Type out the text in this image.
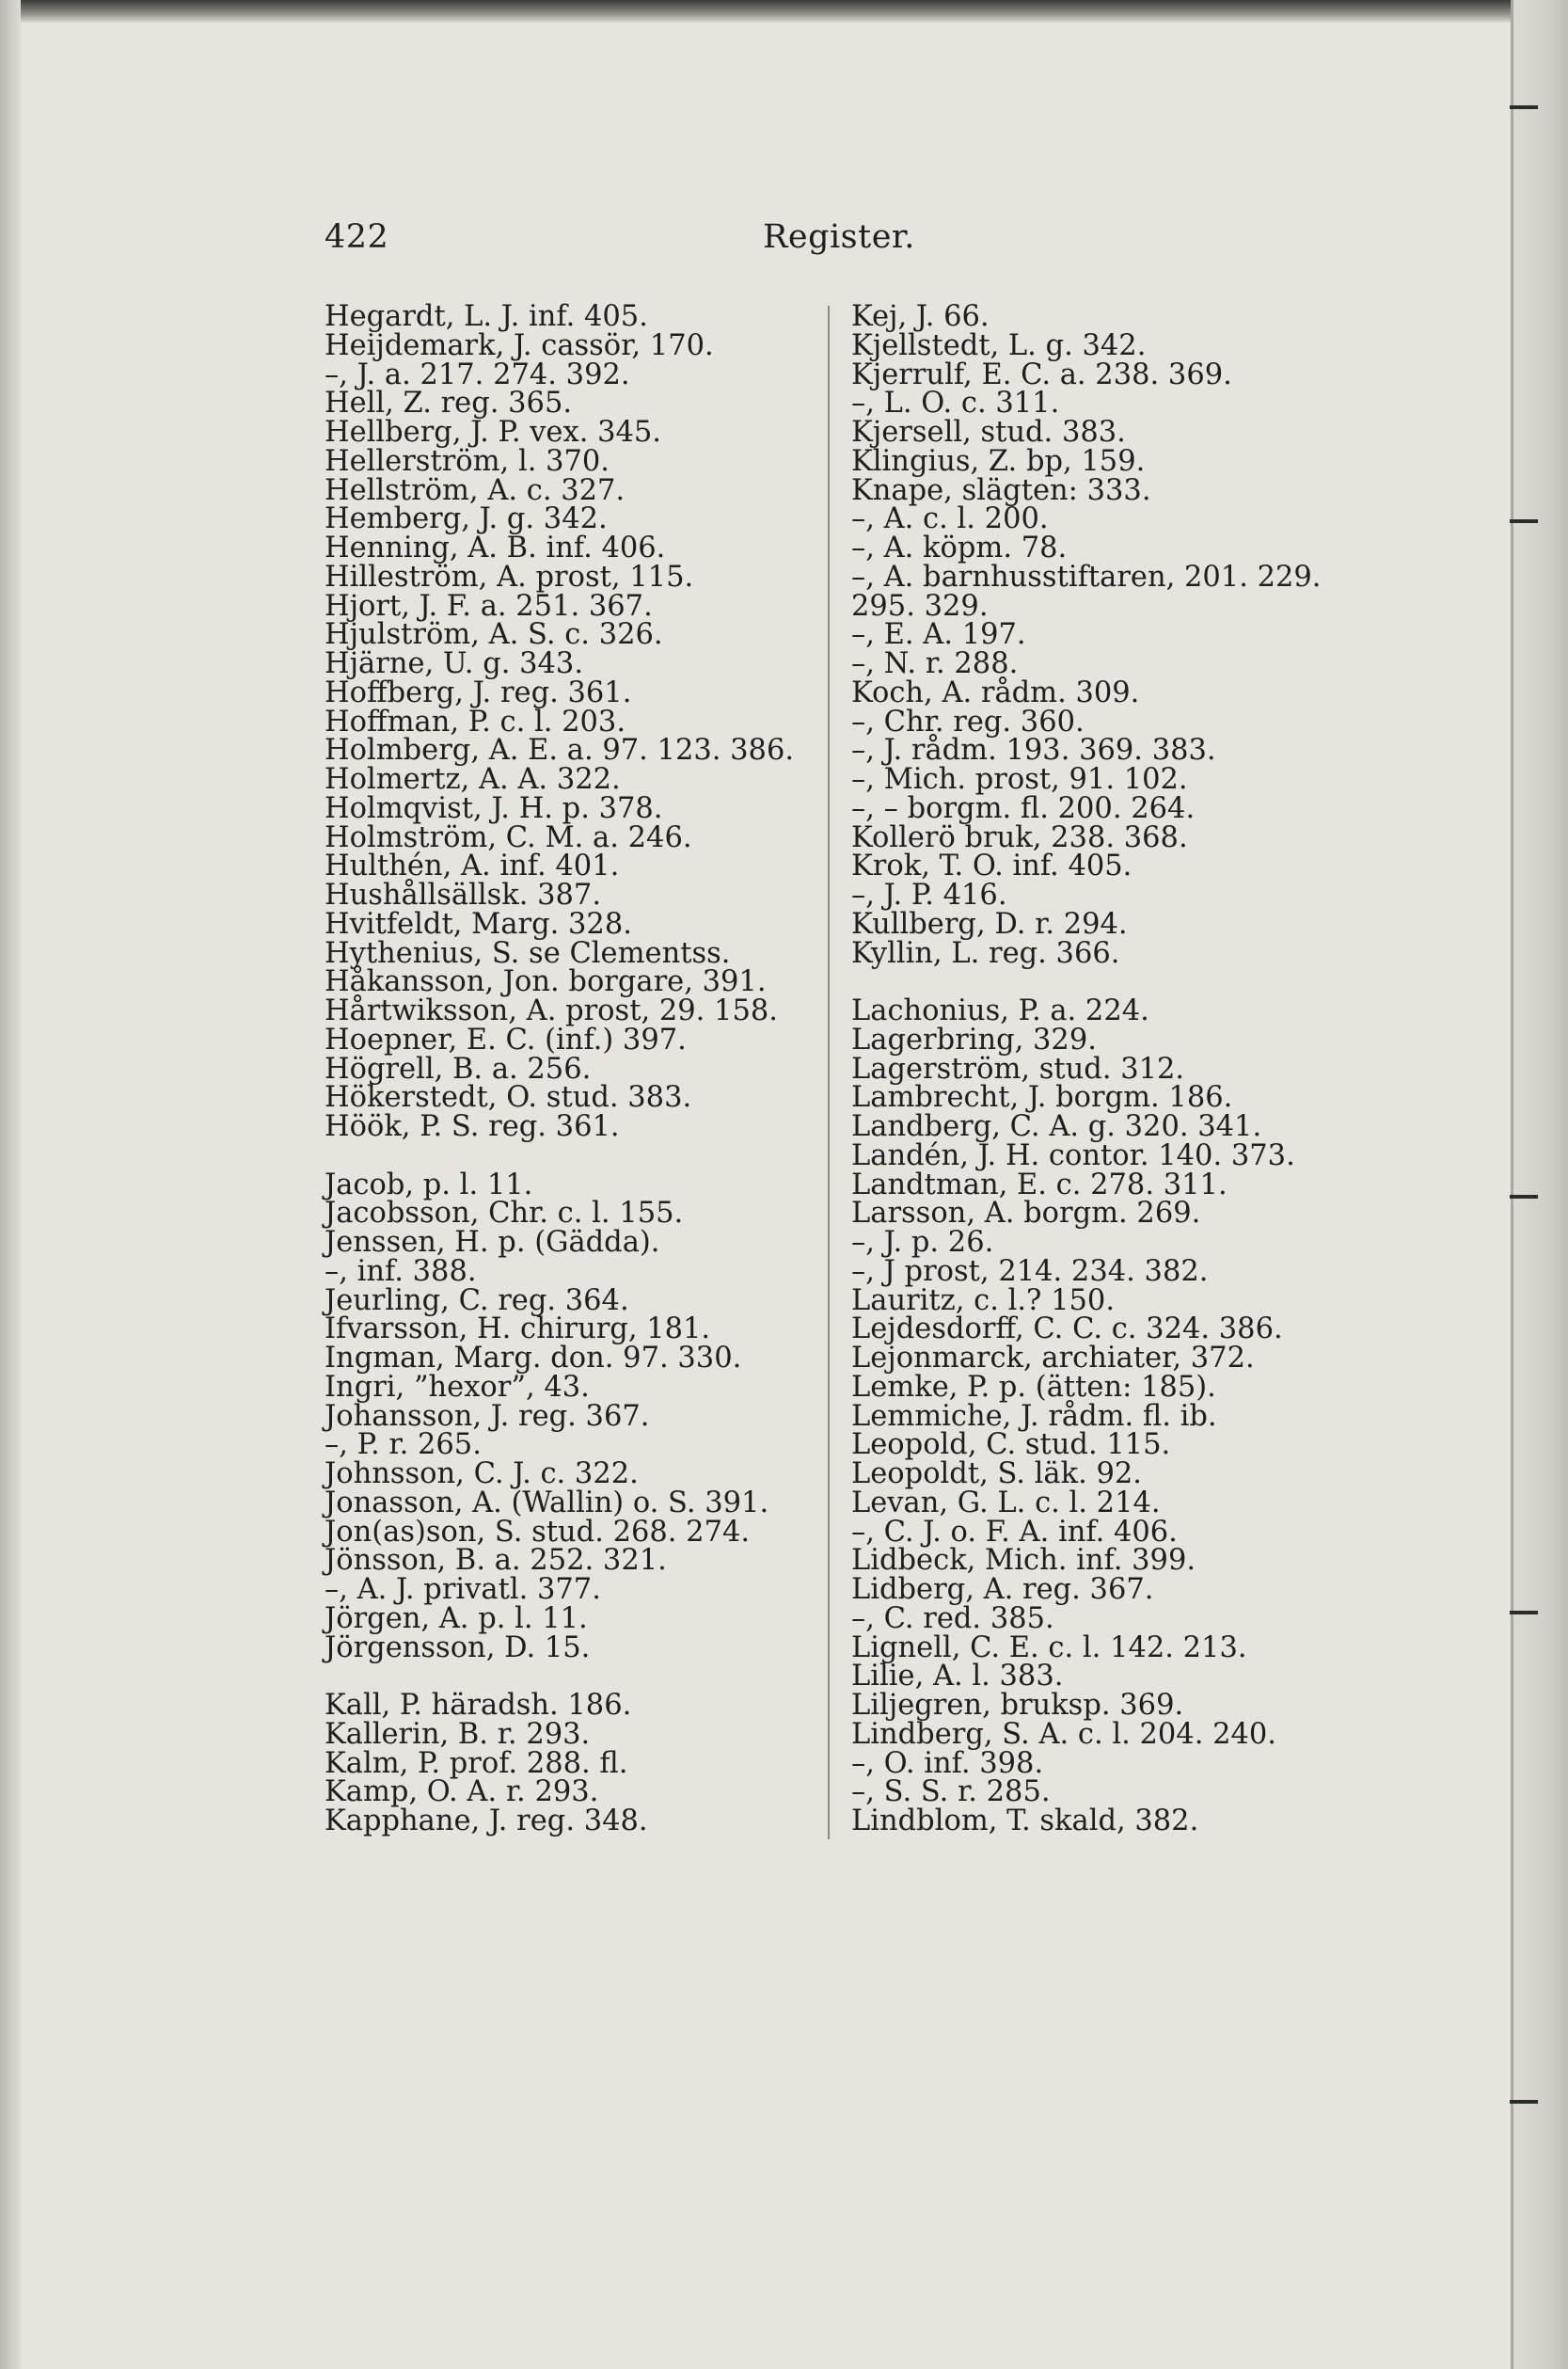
422	Register.
Hegardt, L. J. inf. 405.
Heijdemark, J. cassör, 170.
–, J. a. 217. 274. 392.
Hell, Z. reg. 365.
Hellberg, J. P. vex. 345.
Hellerström, l. 370.
Hellström, A. c. 327.
Hemberg, J. g. 342.
Henning, A. B. inf. 406.
Hilleström, A. prost, 115.
Hjort, J. F. a. 251. 367.
Hjulström, A. S. c. 326.
Hjärne, U. g. 343.
Hoffberg, J. reg. 361.
Hoffman, P. c. l. 203.
Holmberg, A. E. a. 97. 123. 386.
Holmertz, A. A. 322.
Holmqvist, J. H. p. 378.
Holmström, C. M. a. 246.
Hulthén, A. inf. 401.
Hushållsällsk. 387.
Hvitfeldt, Marg. 328.
Hythenius, S. se Clementss.
Håkansson, Jon. borgare, 391.
Hårtwiksson, A. prost, 29. 158.
Hoepner, E. C. (inf.) 397.
Högrell, B. a. 256.
Hökerstedt, O. stud. 383.
Höök, P. S. reg. 361.
Jacob, p. l. 11.
Jacobsson, Chr. c. l. 155.
Jenssen, H. p. (Gädda).
–, inf. 388.
Jeurling, C. reg. 364.
Ifvarsson, H. chirurg, 181.
Ingman, Marg. don. 97. 330.
Ingri, ”hexor”, 43.
Johansson, J. reg. 367.
–, P. r. 265.
Johnsson, C. J. c. 322.
Jonasson, A. (Wallin) o. S. 391.
Jon(as)son, S. stud. 268. 274.
Jönsson, B. a. 252. 321.
–, A. J. privatl. 377.
Jörgen, A. p. l. 11.
Jörgensson, D. 15.
Kall, P. häradsh. 186.
Kallerin, B. r. 293.
Kalm, P. prof. 288. fl.
Kamp, O. A. r. 293.
Kapphane, J. reg. 348.
Kej, J. 66.
Kjellstedt, L. g. 342.
Kjerrulf, E. C. a. 238. 369.
–, L. O. c. 311.
Kjersell, stud. 383.
Klingius, Z. bp, 159.
Knape, slägten: 333.
–, A. c. l. 200.
–, A. köpm. 78.
–, A. barnhusstiftaren, 201. 229.
295. 329.
–, E. A. 197.
–, N. r. 288.
Koch, A. rådm. 309.
–, Chr. reg. 360.
–, J. rådm. 193. 369. 383.
–, Mich. prost, 91. 102.
–, – borgm. fl. 200. 264.
Kollerö bruk, 238. 368.
Krok, T. O. inf. 405.
–, J. P. 416.
Kullberg, D. r. 294.
Kyllin, L. reg. 366.
Lachonius, P. a. 224.
Lagerbring, 329.
Lagerström, stud. 312.
Lambrecht, J. borgm. 186.
Landberg, C. A. g. 320. 341.
Landén, J. H. contor. 140. 373.
Landtman, E. c. 278. 311.
Larsson, A. borgm. 269.
–, J. p. 26.
–, J prost, 214. 234. 382.
Lauritz, c. l.? 150.
Lejdesdorff, C. C. c. 324. 386.
Lejonmarck, archiater, 372.
Lemke, P. p. (ätten: 185).
Lemmiche, J. rådm. fl. ib.
Leopold, C. stud. 115.
Leopoldt, S. läk. 92.
Levan, G. L. c. l. 214.
–, C. J. o. F. A. inf. 406.
Lidbeck, Mich. inf. 399.
Lidberg, A. reg. 367.
–, C. red. 385.
Lignell, C. E. c. l. 142. 213.
Lilie, A. l. 383.
Liljegren, bruksp. 369.
Lindberg, S. A. c. l. 204. 240.
–, O. inf. 398.
–, S. S. r. 285.
Lindblom, T. skald, 382.
